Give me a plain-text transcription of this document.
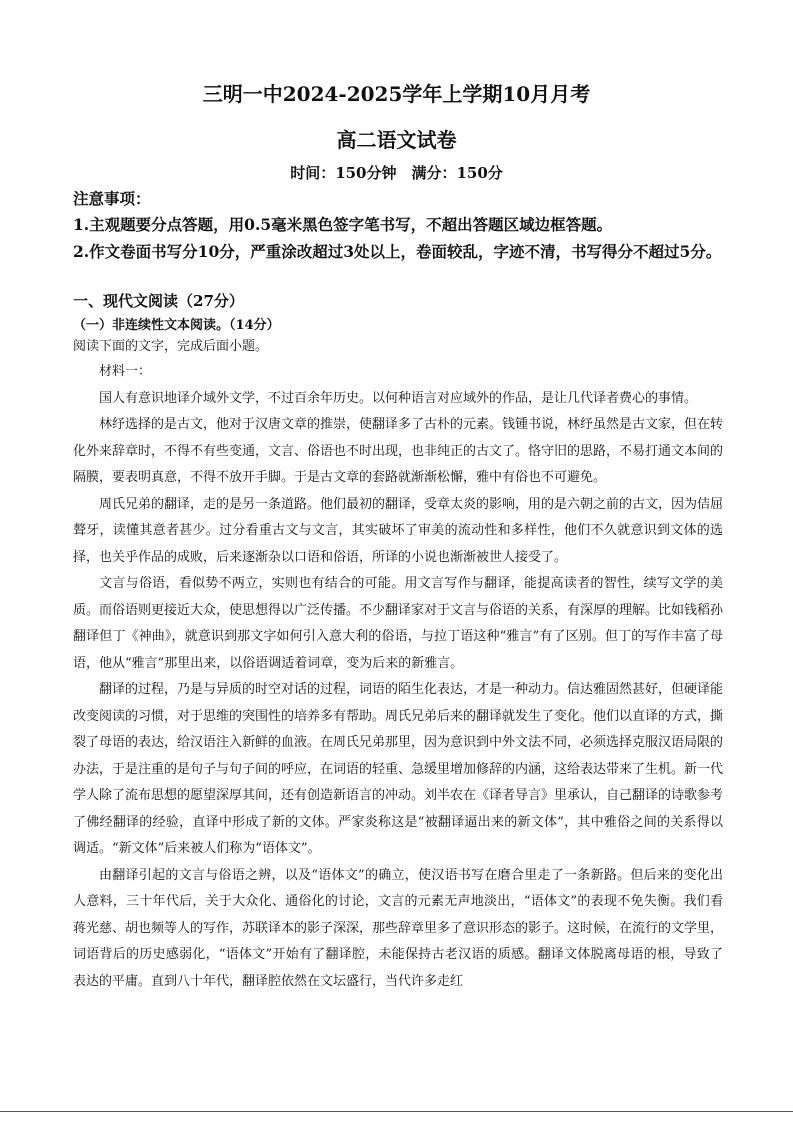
三明一中2024-2025学年上学期10月月考
高二语文试卷
时间：150分钟　满分：150分
注意事项：
1.主观题要分点答题，用0.5毫米黑色签字笔书写，不超出答题区域边框答题。
2.作文卷面书写分10分，严重涂改超过3处以上，卷面较乱，字迹不清，书写得分不超过5分。
一、现代文阅读（27分）
（一）非连续性文本阅读。（14分）
阅读下面的文字，完成后面小题。

材料一：

国人有意识地译介域外文学，不过百余年历史。以何种语言对应域外的作品，是让几代译者费心的事情。

林纾选择的是古文，他对于汉唐文章的推崇，使翻译多了古朴的元素。钱锺书说，林纾虽然是古文家，但在转化外来辞章时，不得不有些变通，文言、俗语也不时出现，也非纯正的古文了。恪守旧的思路，不易打通文本间的隔膜，要表明真意，不得不放开手脚。于是古文章的套路就渐渐松懈，雅中有俗也不可避免。

周氏兄弟的翻译，走的是另一条道路。他们最初的翻译，受章太炎的影响，用的是六朝之前的古文，因为佶屈聱牙，读懂其意者甚少。过分看重古文与文言，其实破坏了审美的流动性和多样性，他们不久就意识到文体的选择，也关乎作品的成败，后来逐渐杂以口语和俗语，所译的小说也渐渐被世人接受了。

文言与俗语，看似势不两立，实则也有结合的可能。用文言写作与翻译，能提高读者的智性，续写文学的美质。而俗语则更接近大众，使思想得以广泛传播。不少翻译家对于文言与俗语的关系，有深厚的理解。比如钱稻孙翻译但丁《神曲》，就意识到那文字如何引入意大利的俗语，与拉丁语这种“雅言”有了区别。但丁的写作丰富了母语，他从“雅言”那里出来，以俗语调适着词章，变为后来的新雅言。

翻译的过程，乃是与异质的时空对话的过程，词语的陌生化表达，才是一种动力。信达雅固然甚好，但硬译能改变阅读的习惯，对于思维的突围性的培养多有帮助。周氏兄弟后来的翻译就发生了变化。他们以直译的方式，撕裂了母语的表达，给汉语注入新鲜的血液。在周氏兄弟那里，因为意识到中外文法不同，必须选择克服汉语局限的办法，于是注重的是句子与句子间的呼应，在词语的轻重、急缓里增加修辞的内涵，这给表达带来了生机。新一代学人除了流布思想的愿望深厚其间，还有创造新语言的冲动。刘半农在《译者导言》里承认，自己翻译的诗歌参考了佛经翻译的经验，直译中形成了新的文体。严家炎称这是“被翻译逼出来的新文体”，其中雅俗之间的关系得以调适。“新文体”后来被人们称为“语体文”。

由翻译引起的文言与俗语之辨，以及“语体文”的确立，使汉语书写在磨合里走了一条新路。但后来的变化出人意料，三十年代后，关于大众化、通俗化的讨论，文言的元素无声地淡出，“语体文”的表现不免失衡。我们看蒋光慈、胡也频等人的写作，苏联译本的影子深深，那些辞章里多了意识形态的影子。这时候，在流行的文学里，词语背后的历史感弱化，“语体文”开始有了翻译腔，未能保持古老汉语的质感。翻译文体脱离母语的根，导致了表达的平庸。直到八十年代，翻译腔依然在文坛盛行，当代许多走红
